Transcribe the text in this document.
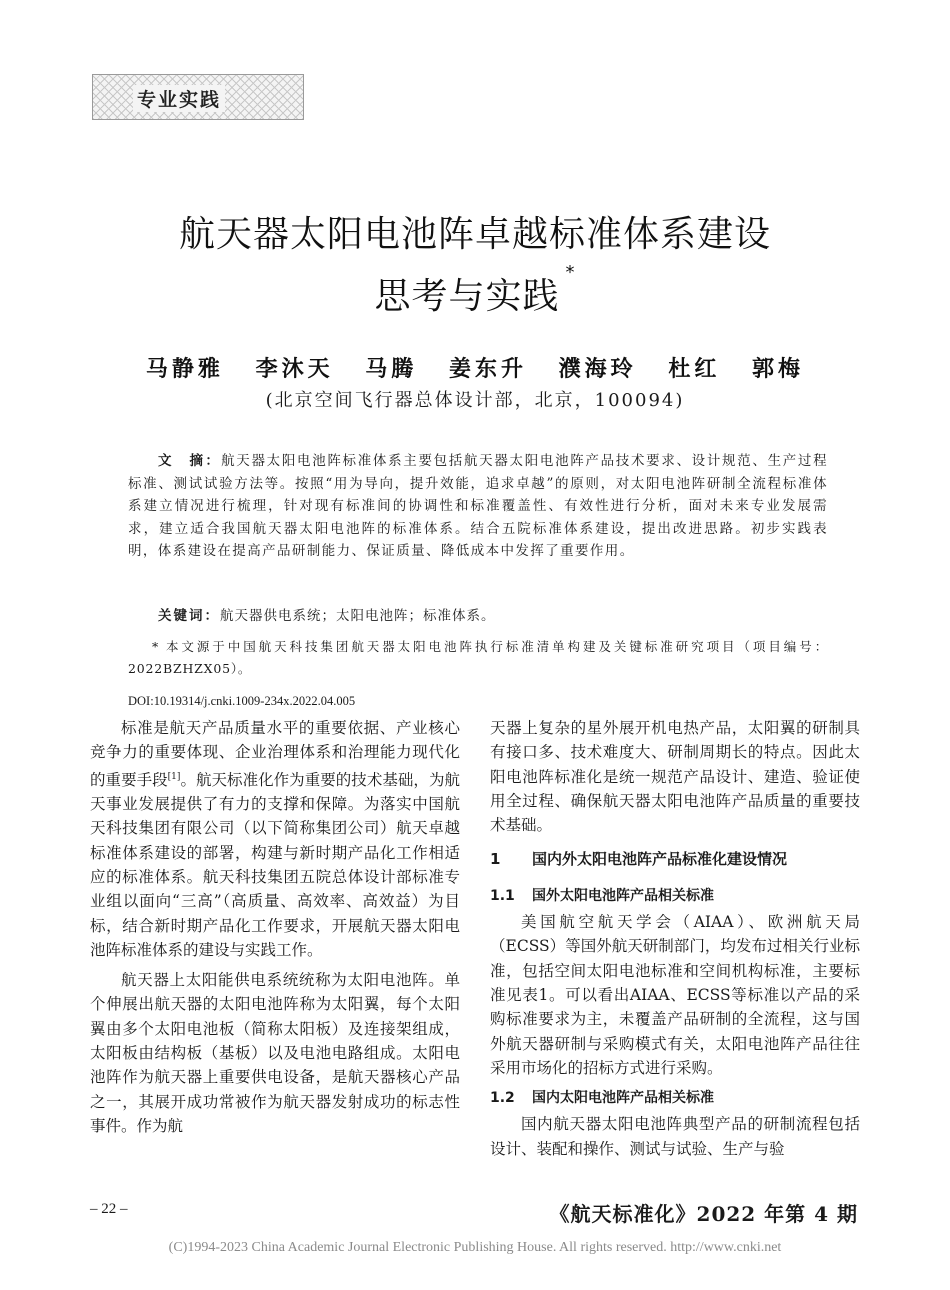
专业实践
航天器太阳电池阵卓越标准体系建设
思考与实践*
马静雅 李沐天 马腾 姜东升 濮海玲 杜红 郭梅
(北京空间飞行器总体设计部，北京，100094)
文　摘：航天器太阳电池阵标准体系主要包括航天器太阳电池阵产品技术要求、设计规范、生产过程标准、测试试验方法等。按照“用为导向，提升效能，追求卓越”的原则，对太阳电池阵研制全流程标准体系建立情况进行梳理，针对现有标准间的协调性和标准覆盖性、有效性进行分析，面对未来专业发展需求，建立适合我国航天器太阳电池阵的标准体系。结合五院标准体系建设，提出改进思路。初步实践表明，体系建设在提高产品研制能力、保证质量、降低成本中发挥了重要作用。
关键词：航天器供电系统；太阳电池阵；标准体系。
* 本文源于中国航天科技集团航天器太阳电池阵执行标准清单构建及关键标准研究项目（项目编号：2022BZHZX05）。
DOI:10.19314/j.cnki.1009-234x.2022.04.005

标准是航天产品质量水平的重要依据、产业核心竞争力的重要体现、企业治理体系和治理能力现代化的重要手段[1]。航天标准化作为重要的技术基础，为航天事业发展提供了有力的支撑和保障。为落实中国航天科技集团有限公司（以下简称集团公司）航天卓越标准体系建设的部署，构建与新时期产品化工作相适应的标准体系。航天科技集团五院总体设计部标准专业组以面向“三高”（高质量、高效率、高效益）为目标，结合新时期产品化工作要求，开展航天器太阳电池阵标准体系的建设与实践工作。

航天器上太阳能供电系统统称为太阳电池阵。单个伸展出航天器的太阳电池阵称为太阳翼，每个太阳翼由多个太阳电池板（简称太阳板）及连接架组成，太阳板由结构板（基板）以及电池电路组成。太阳电池阵作为航天器上重要供电设备，是航天器核心产品之一，其展开成功常被作为航天器发射成功的标志性事件。作为航

天器上复杂的星外展开机电热产品，太阳翼的研制具有接口多、技术难度大、研制周期长的特点。因此太阳电池阵标准化是统一规范产品设计、建造、验证使用全过程、确保航天器太阳电池阵产品质量的重要技术基础。

1 国内外太阳电池阵产品标准化建设情况
1.1 国外太阳电池阵产品相关标准

美国航空航天学会（AIAA）、欧洲航天局（ECSS）等国外航天研制部门，均发布过相关行业标准，包括空间太阳电池标准和空间机构标准，主要标准见表1。可以看出AIAA、ECSS等标准以产品的采购标准要求为主，未覆盖产品研制的全流程，这与国外航天器研制与采购模式有关，太阳电池阵产品往往采用市场化的招标方式进行采购。

1.2 国内太阳电池阵产品相关标准

国内航天器太阳电池阵典型产品的研制流程包括设计、装配和操作、测试与试验、生产与验

– 22 –	《航天标准化》2022 年第 4 期
(C)1994-2023 China Academic Journal Electronic Publishing House. All rights reserved. http://www.cnki.net
